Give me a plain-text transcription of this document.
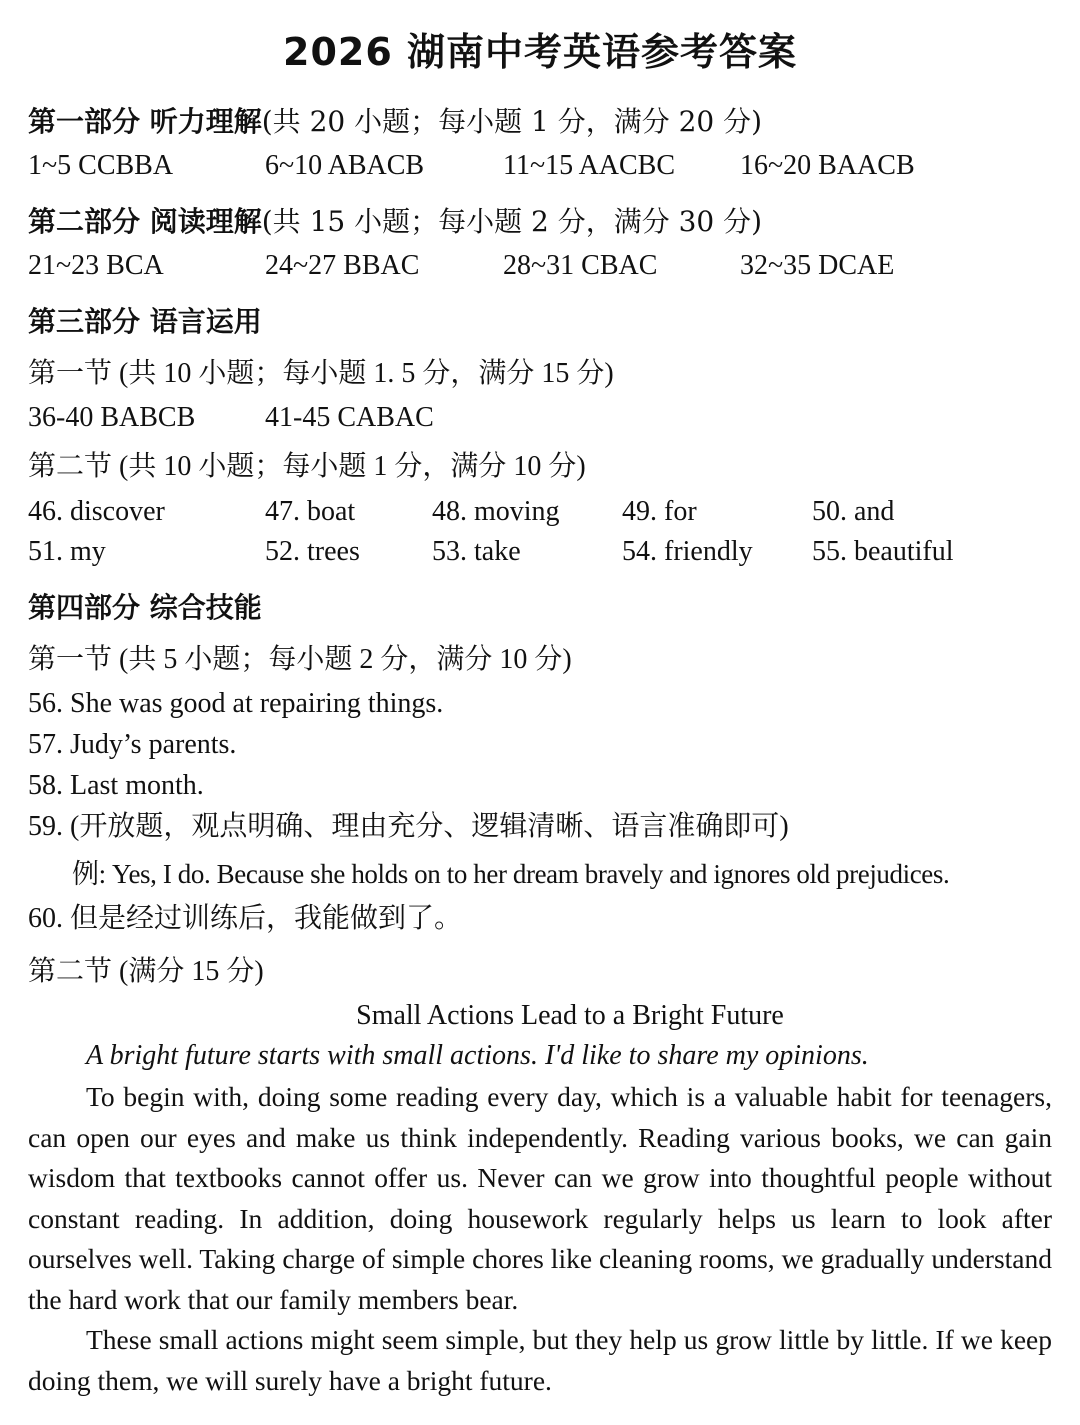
2026 湖南中考英语参考答案
第一部分 听力理解(共 20 小题；每小题 1 分，满分 20 分)
1~5 CCBBA	6~10 ABACB	11~15 AACBC 16~20 BAACB
第二部分 阅读理解(共 15 小题；每小题 2 分，满分 30 分)
21~23 BCA	24~27 BBAC	28~31 CBAC	32~35 DCAE
第三部分 语言运用
第一节 (共 10 小题；每小题 1. 5 分，满分 15 分)
36-40 BABCB 41-45 CABAC
第二节 (共 10 小题；每小题 1 分，满分 10 分)
46. discover	47. boat	48. moving 49. for	50. and
51. my	52. trees	53. take	54. friendly 55. beautiful
第四部分 综合技能
第一节 (共 5 小题；每小题 2 分，满分 10 分)
56. She was good at repairing things.
57. Judy’s parents.
58. Last month.
59. (开放题，观点明确、理由充分、逻辑清晰、语言准确即可)
例: Yes, I do. Because she holds on to her dream bravely and ignores old prejudices.
60. 但是经过训练后，我能做到了。
第二节 (满分 15 分)
Small Actions Lead to a Bright Future
A bright future starts with small actions. I'd like to share my opinions.
To begin with, doing some reading every day, which is a valuable habit for teenagers, can open our eyes and make us think independently. Reading various books, we can gain wisdom that textbooks cannot offer us. Never can we grow into thoughtful people without constant reading. In addition, doing housework regularly helps us learn to look after ourselves well. Taking charge of simple chores like cleaning rooms, we gradually understand the hard work that our family members bear.
These small actions might seem simple, but they help us grow little by little. If we keep doing them, we will surely have a bright future.
